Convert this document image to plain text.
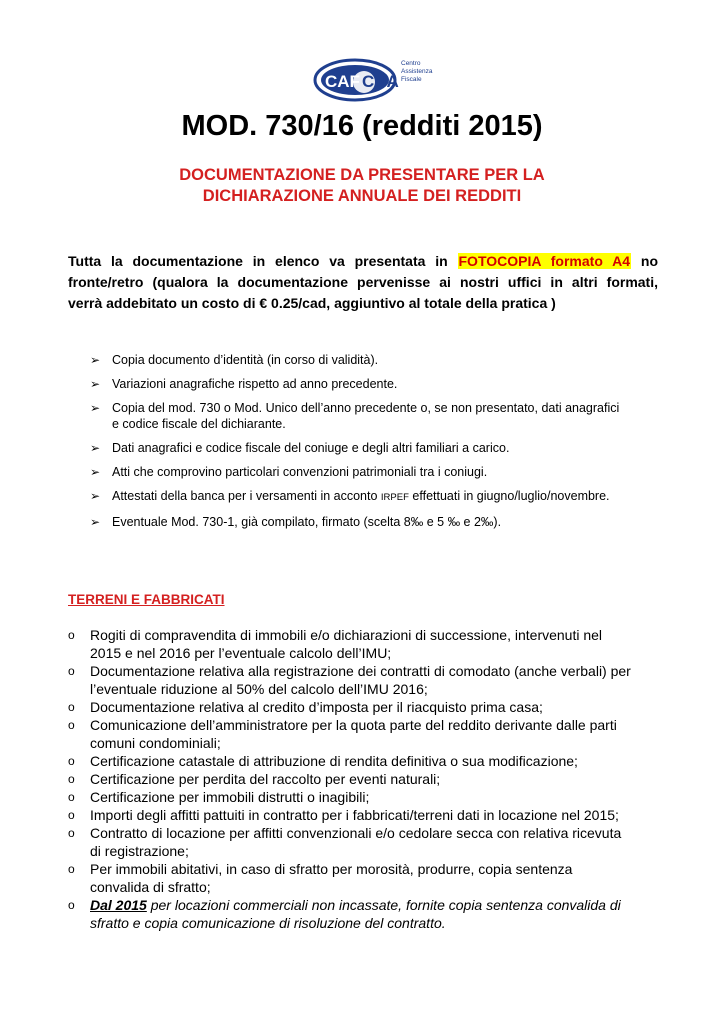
CAF CNA
Centro
Assistenza
Fiscale
MOD. 730/16 (redditi 2015)
DOCUMENTAZIONE DA PRESENTARE PER LA
DICHIARAZIONE ANNUALE DEI REDDITI
Tutta la documentazione in elenco va presentata in FOTOCOPIA formato A4 no
fronte/retro (qualora la documentazione pervenisse ai nostri uffici in altri formati,
verrà addebitato un costo di € 0.25/cad, aggiuntivo al totale della pratica )
➢ Copia documento d’identità (in corso di validità).
➢ Variazioni anagrafiche rispetto ad anno precedente.
➢ Copia del mod. 730 o Mod. Unico dell’anno precedente o, se non presentato, dati anagrafici
e codice fiscale del dichiarante.
➢ Dati anagrafici e codice fiscale del coniuge e degli altri familiari a carico.
➢ Atti che comprovino particolari convenzioni patrimoniali tra i coniugi.
➢ Attestati della banca per i versamenti in acconto IRPEF effettuati in giugno/luglio/novembre.
➢ Eventuale Mod. 730-1, già compilato, firmato (scelta 8‰ e 5 ‰ e 2‰).
TERRENI E FABBRICATI
o Rogiti di compravendita di immobili e/o dichiarazioni di successione, intervenuti nel
2015 e nel 2016 per l’eventuale calcolo dell’IMU;
o Documentazione relativa alla registrazione dei contratti di comodato (anche verbali) per
l’eventuale riduzione al 50% del calcolo dell’IMU 2016;
o Documentazione relativa al credito d’imposta per il riacquisto prima casa;
o Comunicazione dell’amministratore per la quota parte del reddito derivante dalle parti
comuni condominiali;
o Certificazione catastale di attribuzione di rendita definitiva o sua modificazione;
o Certificazione per perdita del raccolto per eventi naturali;
o Certificazione per immobili distrutti o inagibili;
o Importi degli affitti pattuiti in contratto per i fabbricati/terreni dati in locazione nel 2015;
o Contratto di locazione per affitti convenzionali e/o cedolare secca con relativa ricevuta
di registrazione;
o Per immobili abitativi, in caso di sfratto per morosità, produrre, copia sentenza
convalida di sfratto;
o Dal 2015 per locazioni commerciali non incassate, fornite copia sentenza convalida di
sfratto e copia comunicazione di risoluzione del contratto.
